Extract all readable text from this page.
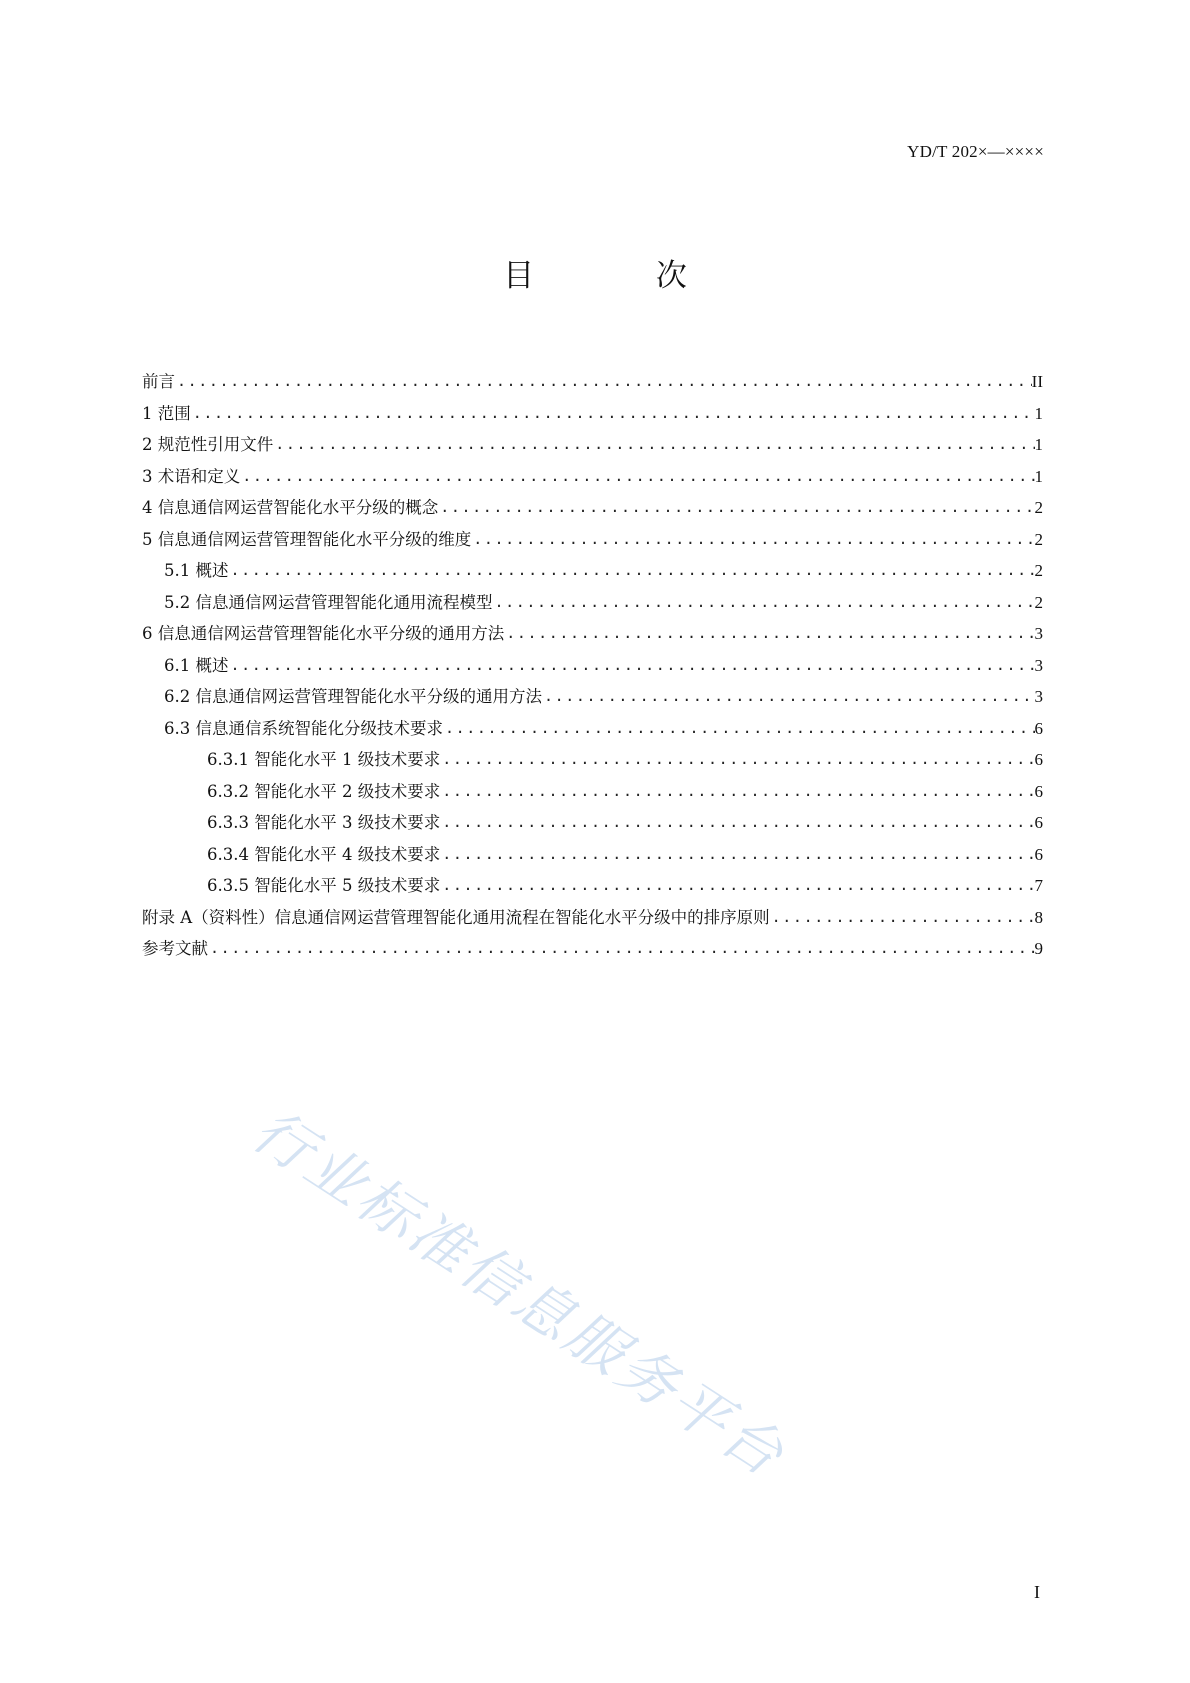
YD/T 202×—××××
目 次
前言 .....	II
1 范围 .....	1
2 规范性引用文件 .....	1
3 术语和定义 .....	1
4 信息通信网运营智能化水平分级的概念 .....	2
5 信息通信网运营管理智能化水平分级的维度 .....	2
5.1 概述 .....	2
5.2 信息通信网运营管理智能化通用流程模型 .....	2
6 信息通信网运营管理智能化水平分级的通用方法 .....	3
6.1 概述 .....	3
6.2 信息通信网运营管理智能化水平分级的通用方法 .....	3
6.3 信息通信系统智能化分级技术要求 .....	6
6.3.1 智能化水平 1 级技术要求 .....	6
6.3.2 智能化水平 2 级技术要求 .....	6
6.3.3 智能化水平 3 级技术要求 .....	6
6.3.4 智能化水平 4 级技术要求 .....	6
6.3.5 智能化水平 5 级技术要求 .....	7
附录 A（资料性）信息通信网运营管理智能化通用流程在智能化水平分级中的排序原则 .....	8
参考文献 .....	9
行业标准信息服务平台
I
